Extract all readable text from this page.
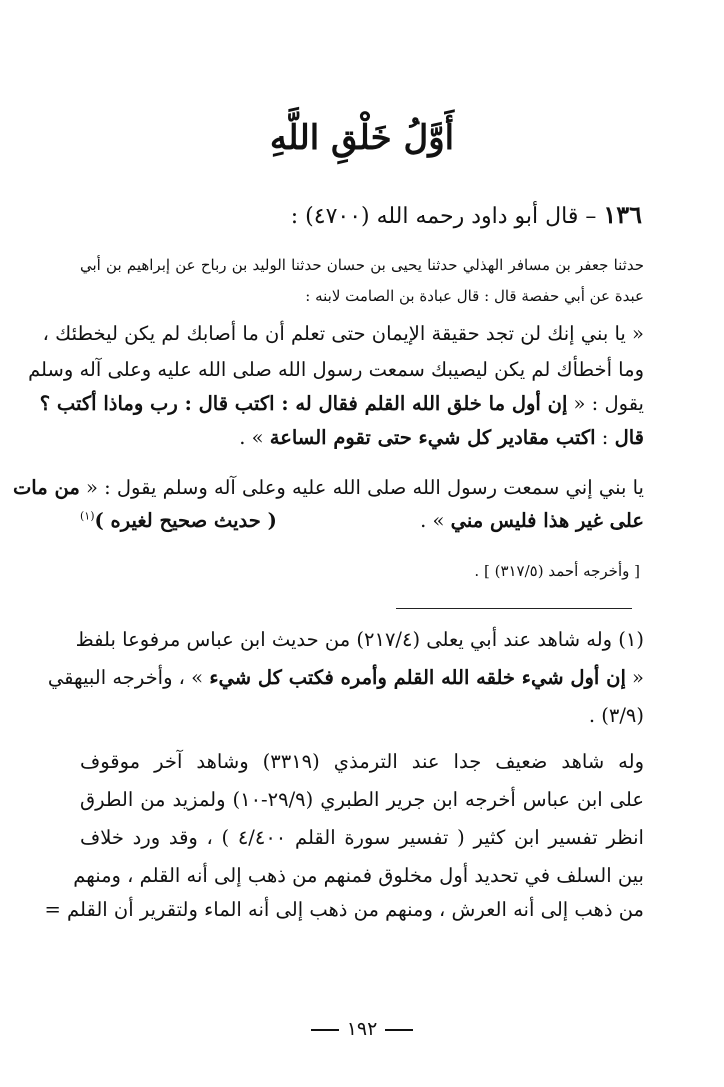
أَوَّلُ خَلْقِ اللَّهِ
١٣٦ – قال أبو داود رحمه الله (٤٧٠٠) :
حدثنا جعفر بن مسافر الهذلي حدثنا يحيى بن حسان حدثنا الوليد بن رباح عن إبراهيم بن أبي
عبدة عن أبي حفصة قال : قال عبادة بن الصامت لابنه :
« يا بني إنك لن تجد حقيقة الإيمان حتى تعلم أن ما أصابك لم يكن ليخطئك ،
وما أخطأك لم يكن ليصيبك سمعت رسول الله صلى الله عليه وعلى آله وسلم
يقول : « إن أول ما خلق الله القلم فقال له : اكتب قال : رب وماذا أكتب ؟
قال : اكتب مقادير كل شيء حتى تقوم الساعة » .
يا بني إني سمعت رسول الله صلى الله عليه وعلى آله وسلم يقول : « من مات
على غير هذا فليس مني » .
( حديث صحيح لغيره )$^{(١)}$
[ وأخرجه أحمد (٣١٧/٥) ] .
(١) وله شاهد عند أبي يعلى (٢١٧/٤) من حديث ابن عباس مرفوعا بلفظ
« إن أول شيء خلقه الله القلم وأمره فكتب كل شيء » ، وأخرجه البيهقي
. (٣/٩)
وله شاهد ضعيف جدا عند الترمذي (٣٣١٩) وشاهد آخر موقوف
على ابن عباس أخرجه ابن جرير الطبري (٢٩/٩-١٠) ولمزيد من الطرق
انظر تفسير ابن كثير ( تفسير سورة القلم ٤/٤٠٠ ) ، وقد ورد خلاف
بين السلف في تحديد أول مخلوق فمنهم من ذهب إلى أنه القلم ، ومنهم
من ذهب إلى أنه العرش ، ومنهم من ذهب إلى أنه الماء ولتقرير أن القلم =
١٩٢
